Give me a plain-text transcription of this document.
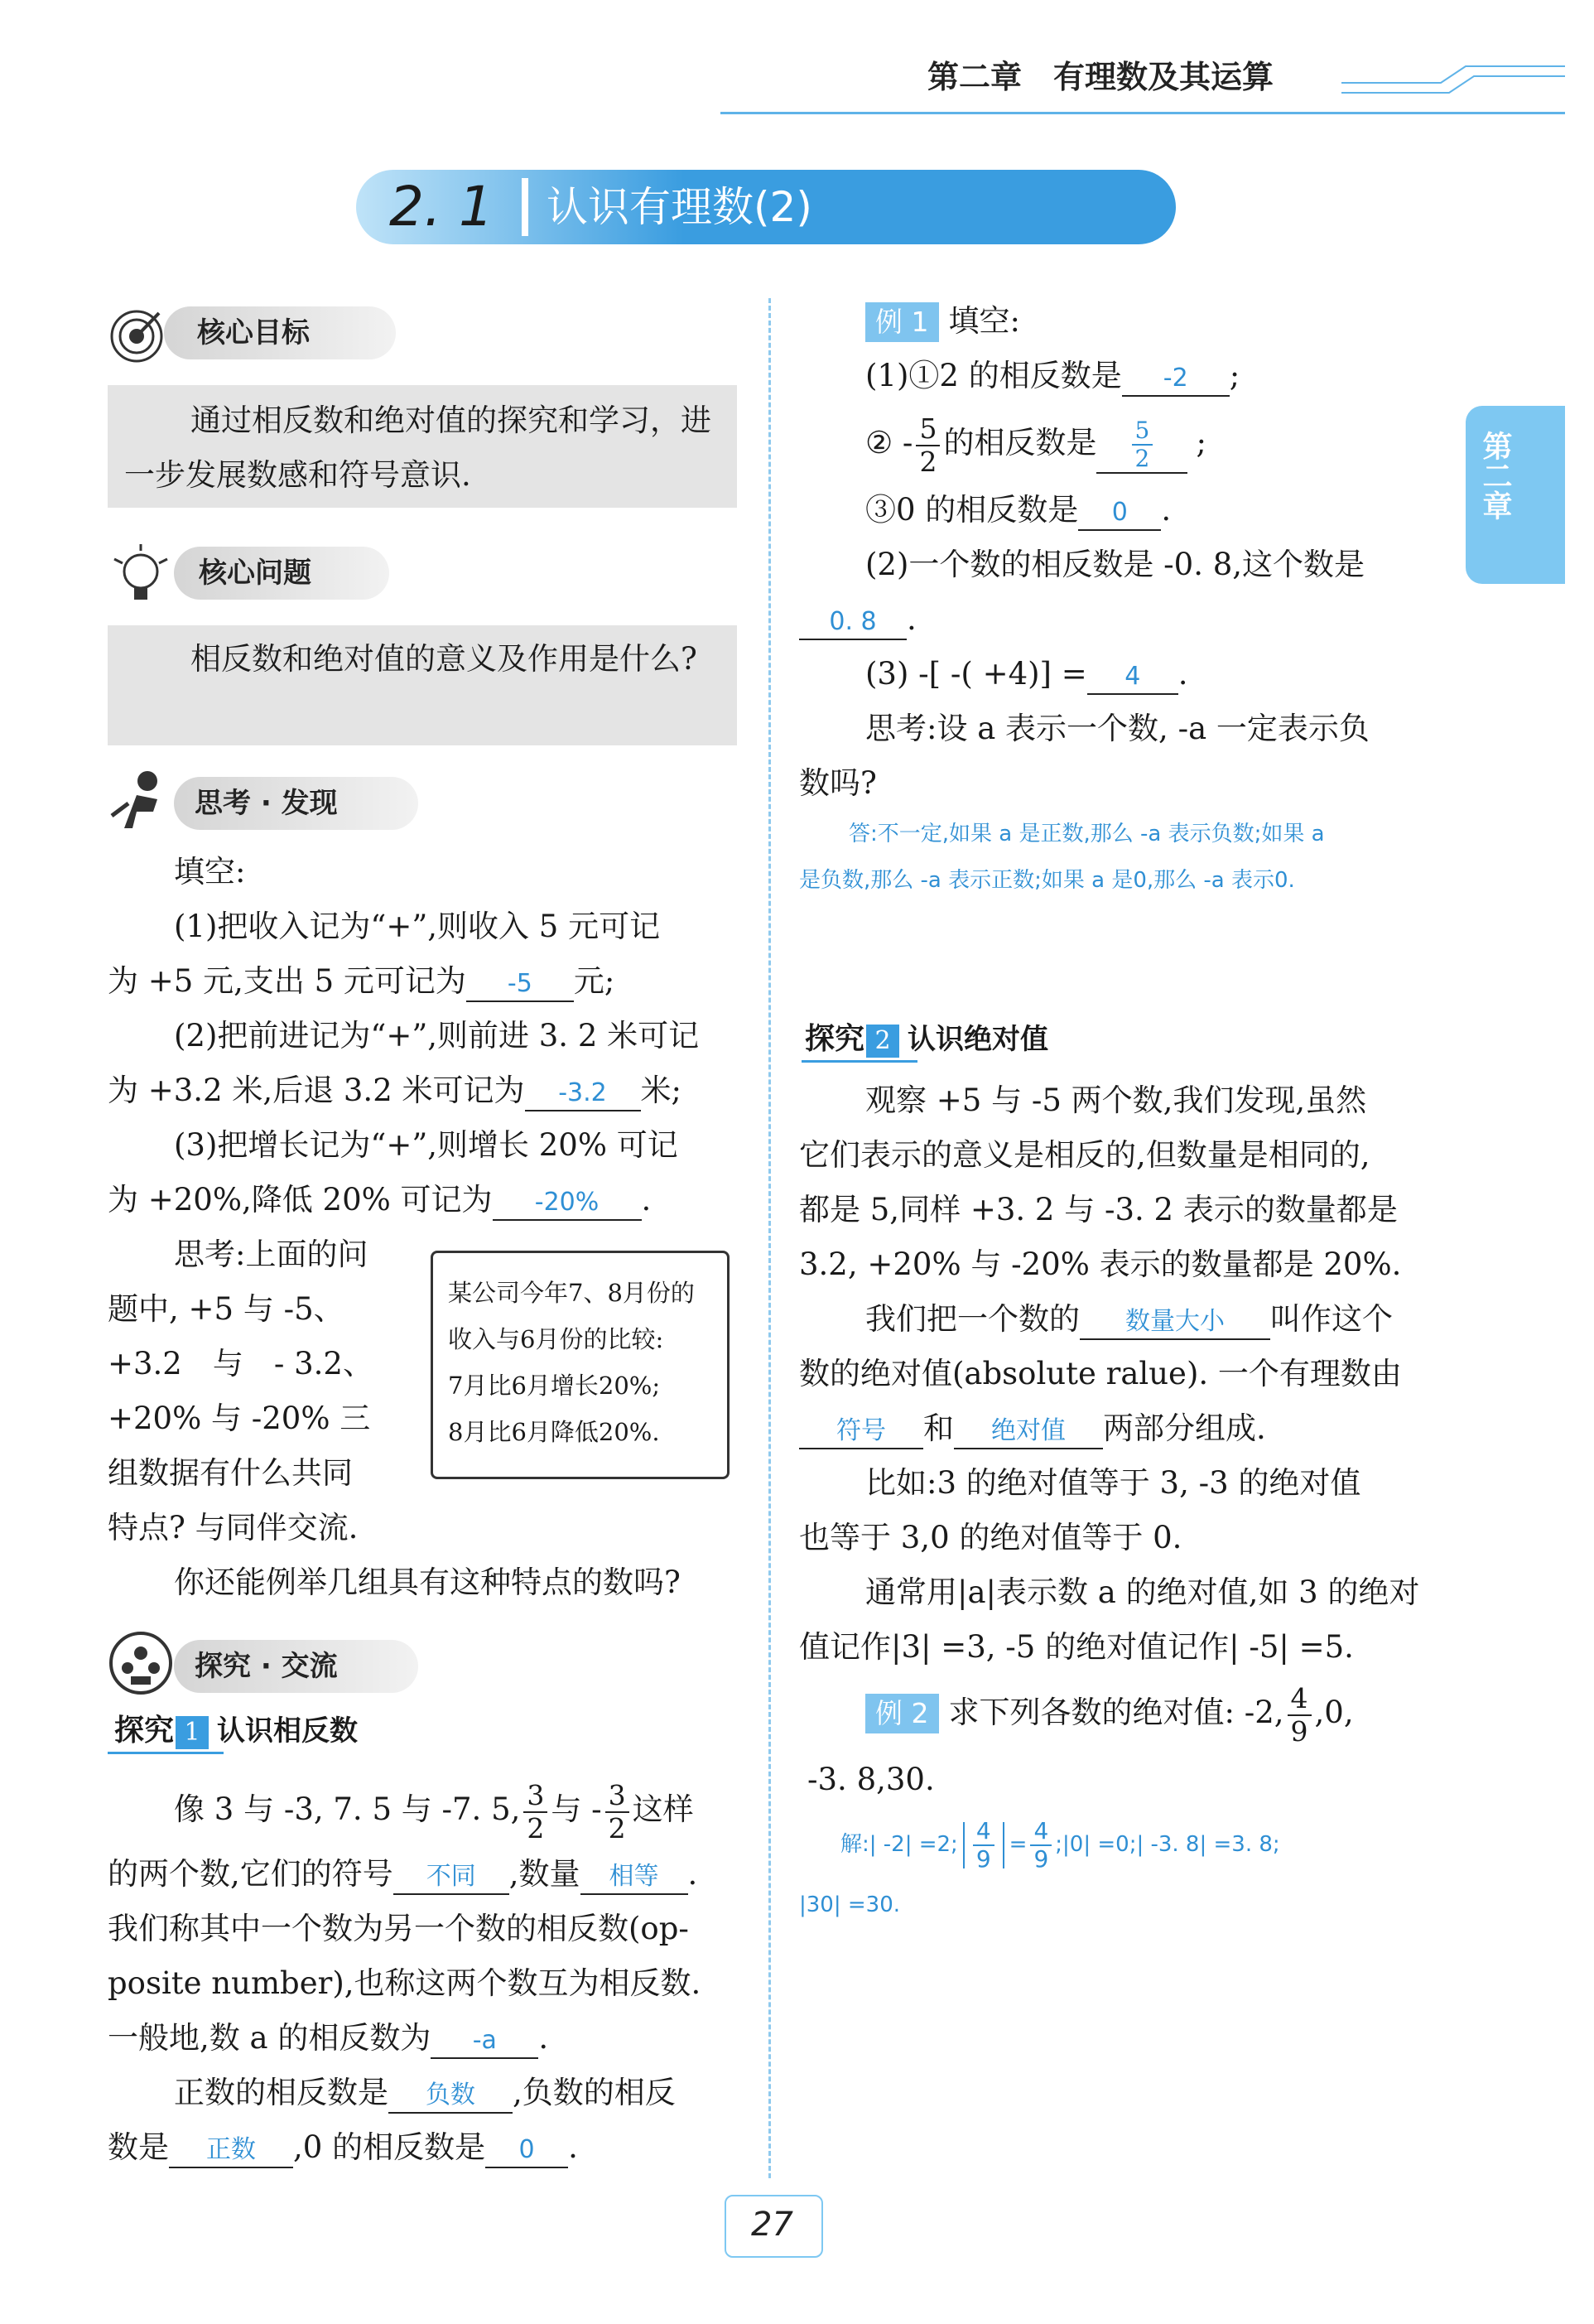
第二章　有理数及其运算
第二章
2. 1 认识有理数(2)
核心目标
通过相反数和绝对值的探究和学习，进一步发展数感和符号意识.
核心问题
相反数和绝对值的意义及作用是什么?
思考 · 发现
填空:
(1)把收入记为“+”,则收入 5 元可记
为 +5 元,支出 5 元可记为 -5 元;
(2)把前进记为“+”,则前进 3. 2 米可记
为 +3.2 米,后退 3.2 米可记为 -3.2 米;
(3)把增长记为“+”,则增长 20% 可记
为 +20%,降低 20% 可记为 -20% .
思考:上面的问
题中, +5 与 -5、
+3.2　与　- 3.2、
+20% 与 -20% 三
组数据有什么共同
特点? 与同伴交流.
某公司今年7、8月份的
收入与6月份的比较:
7月比6月增长20%;
8月比6月降低20%.
你还能例举几组具有这种特点的数吗?
探究 · 交流
探究 1 认识相反数
像 3 与 -3, 7. 5 与 -7. 5, $\frac{3}{2}$ 与 - $\frac{3}{2}$ 这样
的两个数,它们的符号 不同 ,数量 相等 .
我们称其中一个数为另一个数的相反数(op-
posite number),也称这两个数互为相反数.
一般地,数 a 的相反数为 -a .
正数的相反数是 负数 ,负数的相反
数是 正数 ,0 的相反数是 0 .
例 1 填空:
(1)①2 的相反数是 -2 ;
② - $\frac{5}{2}$ 的相反数是 $\frac{5}{2}$ ;
③0 的相反数是 0 .
(2)一个数的相反数是 -0. 8,这个数是
0. 8 .
(3) -[ -( +4)] = 4 .
思考:设 a 表示一个数, -a 一定表示负
数吗?
答:不一定,如果 a 是正数,那么 -a 表示负数;如果 a
是负数,那么 -a 表示正数;如果 a 是0,那么 -a 表示0.
探究 2 认识绝对值
观察 +5 与 -5 两个数,我们发现,虽然
它们表示的意义是相反的,但数量是相同的,
都是 5,同样 +3. 2 与 -3. 2 表示的数量都是
3.2, +20% 与 -20% 表示的数量都是 20%.
我们把一个数的 数量大小 叫作这个
数的绝对值(absolute ralue). 一个有理数由
符号 和 绝对值 两部分组成.
比如:3 的绝对值等于 3, -3 的绝对值
也等于 3,0 的绝对值等于 0.
通常用|a|表示数 a 的绝对值,如 3 的绝对
值记作|3| =3, -5 的绝对值记作| -5| =5.
例 2 求下列各数的绝对值: -2, $\frac{4}{9} ,0$,
-3. 8,30.
解:| -2| =2; $\frac{4}{9} = \frac{4}{9}$ ;|0| =0;| -3. 8| =3. 8;
|30| =30.
27
